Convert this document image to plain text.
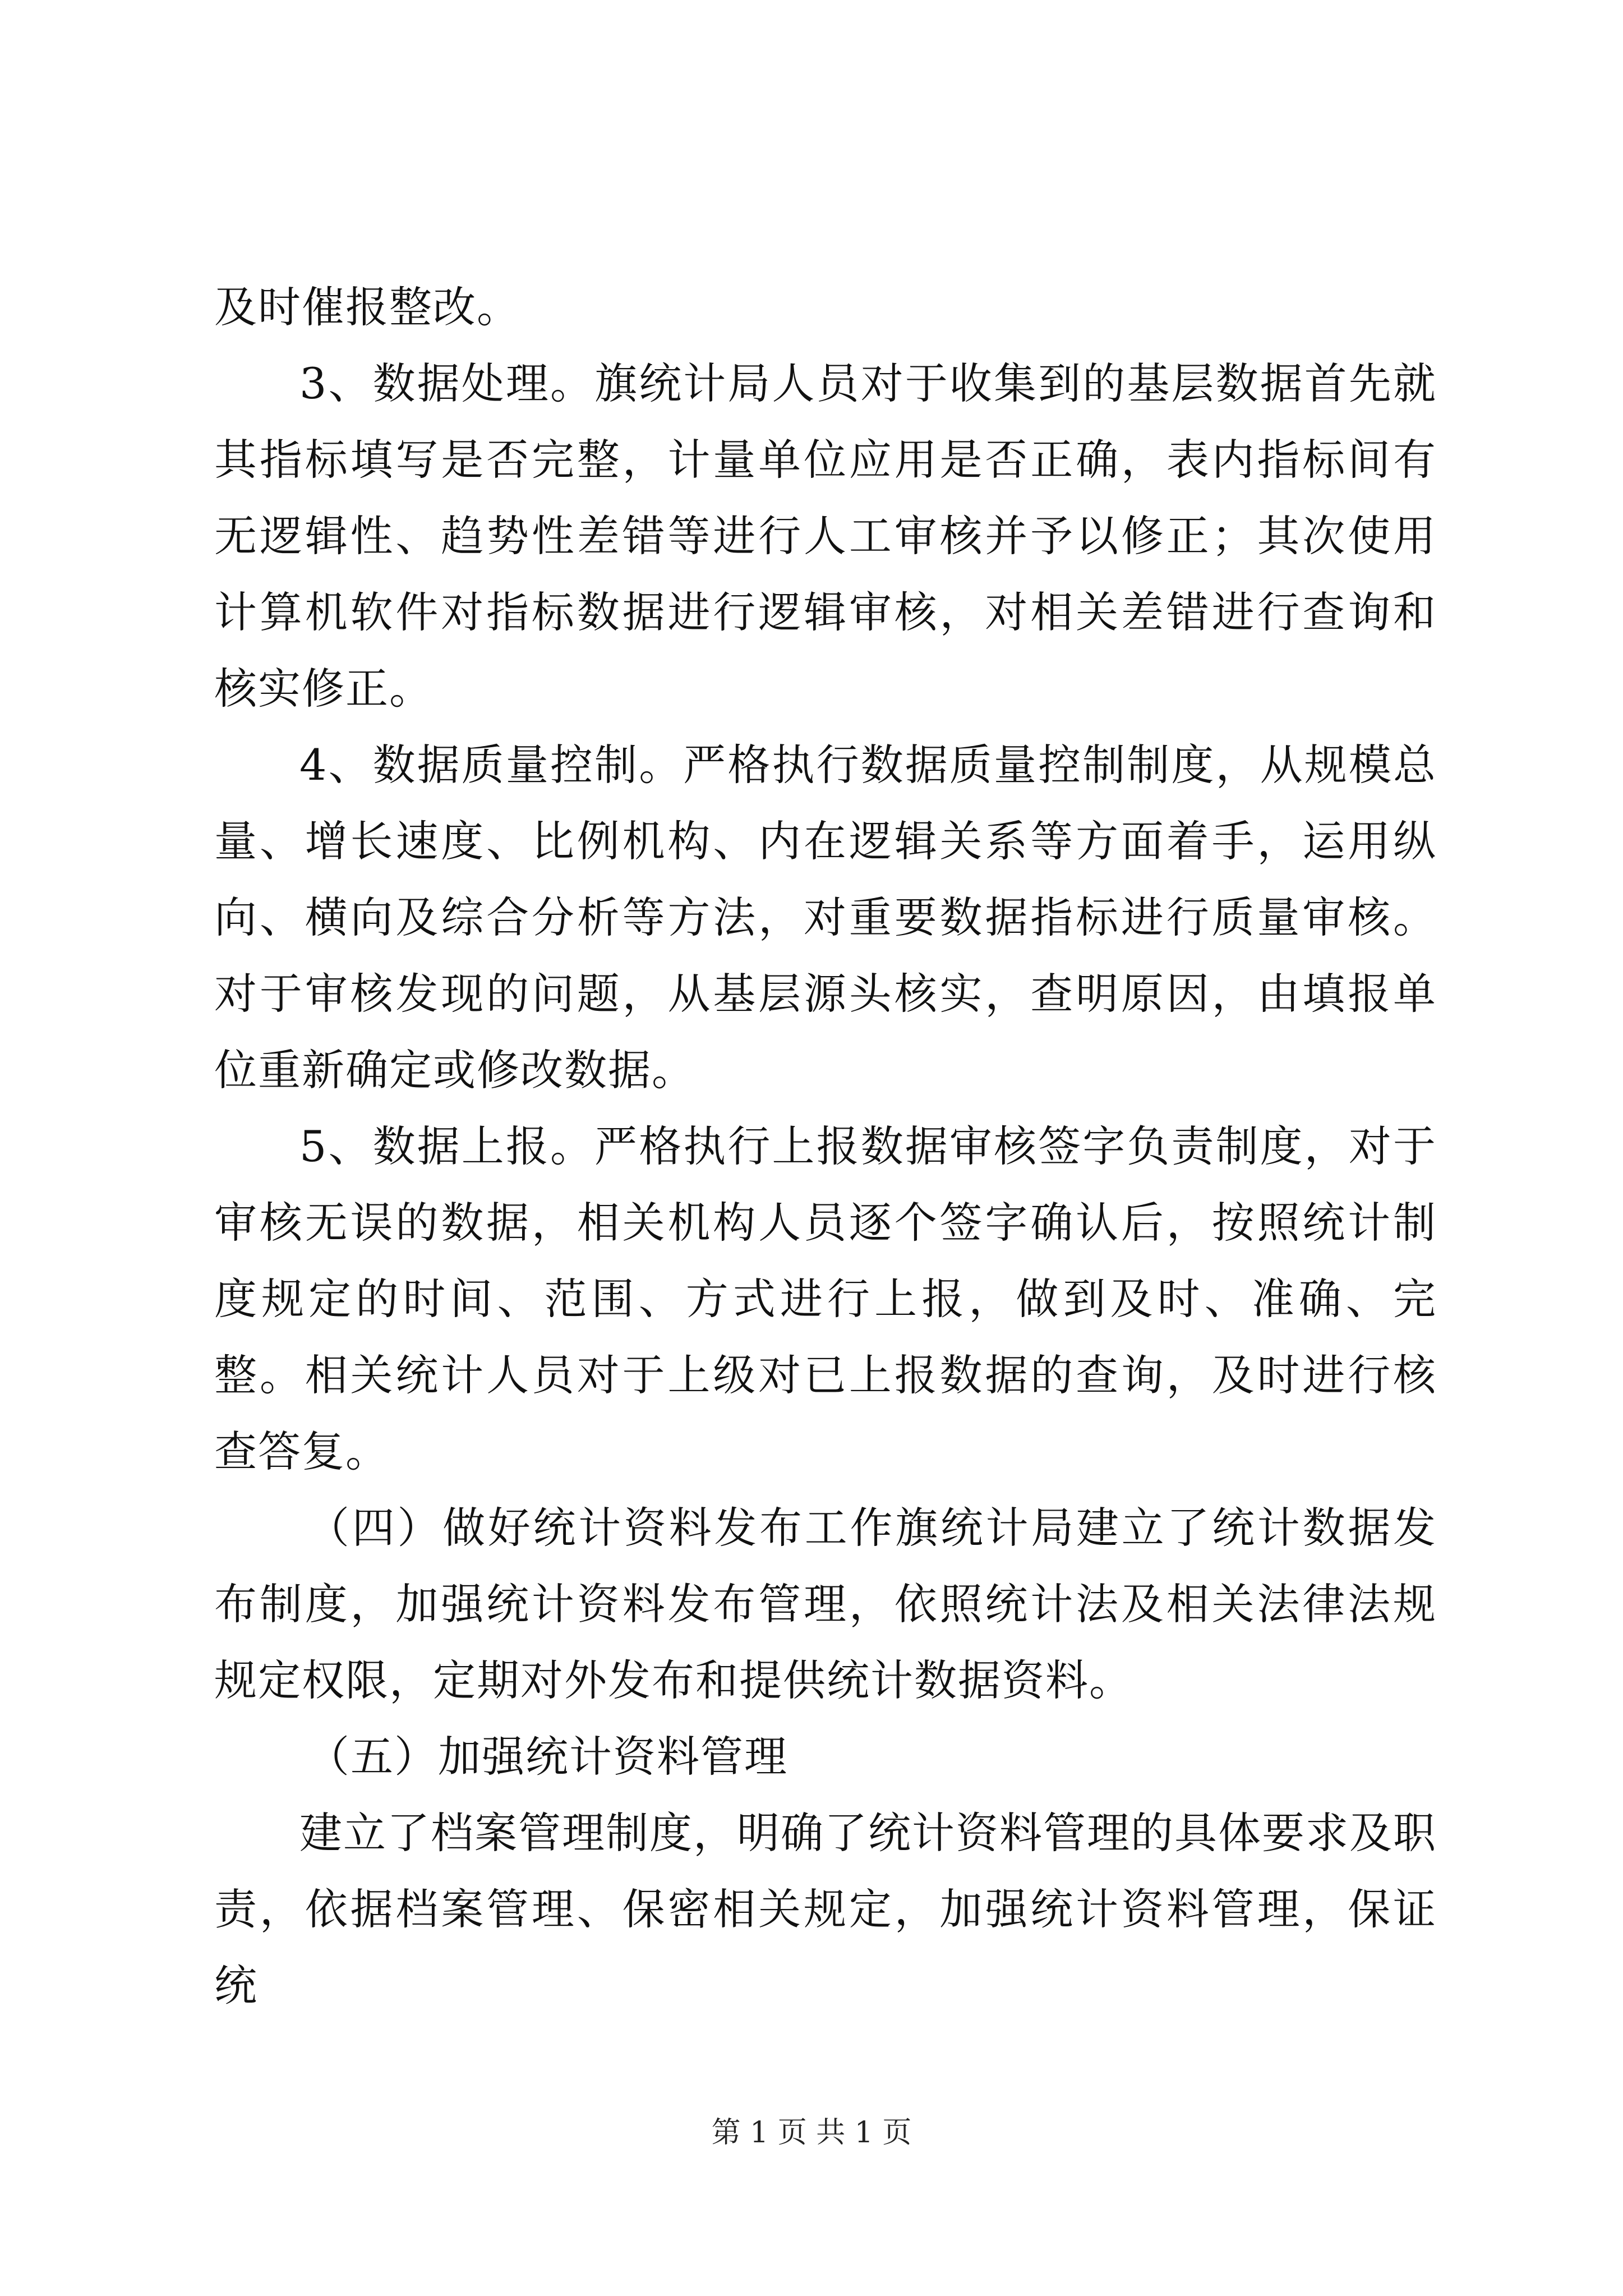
及时催报整改。

3、数据处理。旗统计局人员对于收集到的基层数据首先就其指标填写是否完整，计量单位应用是否正确，表内指标间有无逻辑性、趋势性差错等进行人工审核并予以修正；其次使用计算机软件对指标数据进行逻辑审核，对相关差错进行查询和核实修正。

4、数据质量控制。严格执行数据质量控制制度，从规模总量、增长速度、比例机构、内在逻辑关系等方面着手，运用纵向、横向及综合分析等方法，对重要数据指标进行质量审核。对于审核发现的问题，从基层源头核实，查明原因，由填报单位重新确定或修改数据。

5、数据上报。严格执行上报数据审核签字负责制度，对于审核无误的数据，相关机构人员逐个签字确认后，按照统计制度规定的时间、范围、方式进行上报，做到及时、准确、完整。相关统计人员对于上级对已上报数据的查询，及时进行核查答复。

（四）做好统计资料发布工作旗统计局建立了统计数据发布制度，加强统计资料发布管理，依照统计法及相关法律法规规定权限，定期对外发布和提供统计数据资料。

（五）加强统计资料管理

建立了档案管理制度，明确了统计资料管理的具体要求及职责，依据档案管理、保密相关规定，加强统计资料管理，保证统

第 1 页 共 1 页
